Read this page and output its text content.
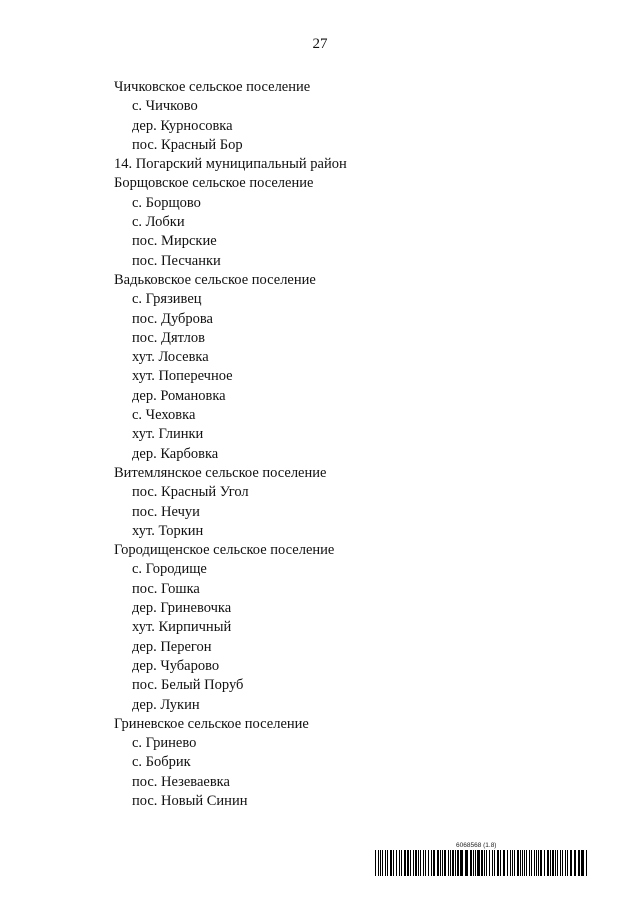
27
Чичковское сельское поселение
с. Чичково
дер. Курносовка
пос. Красный Бор
14. Погарский муниципальный район
Борщовское сельское поселение
с. Борщово
с. Лобки
пос. Мирские
пос. Песчанки
Вадьковское сельское поселение
с. Грязивец
пос. Дуброва
пос. Дятлов
хут. Лосевка
хут. Поперечное
дер. Романовка
с. Чеховка
хут. Глинки
дер. Карбовка
Витемлянское сельское поселение
пос. Красный Угол
пос. Нечуи
хут. Торкин
Городищенское сельское поселение
с. Городище
пос. Гошка
дер. Гриневочка
хут. Кирпичный
дер. Перегон
дер. Чубарово
пос. Белый Поруб
дер. Лукин
Гриневское сельское поселение
с. Гринево
с. Бобрик
пос. Незеваевка
пос. Новый Синин
6068568 (1.8)
